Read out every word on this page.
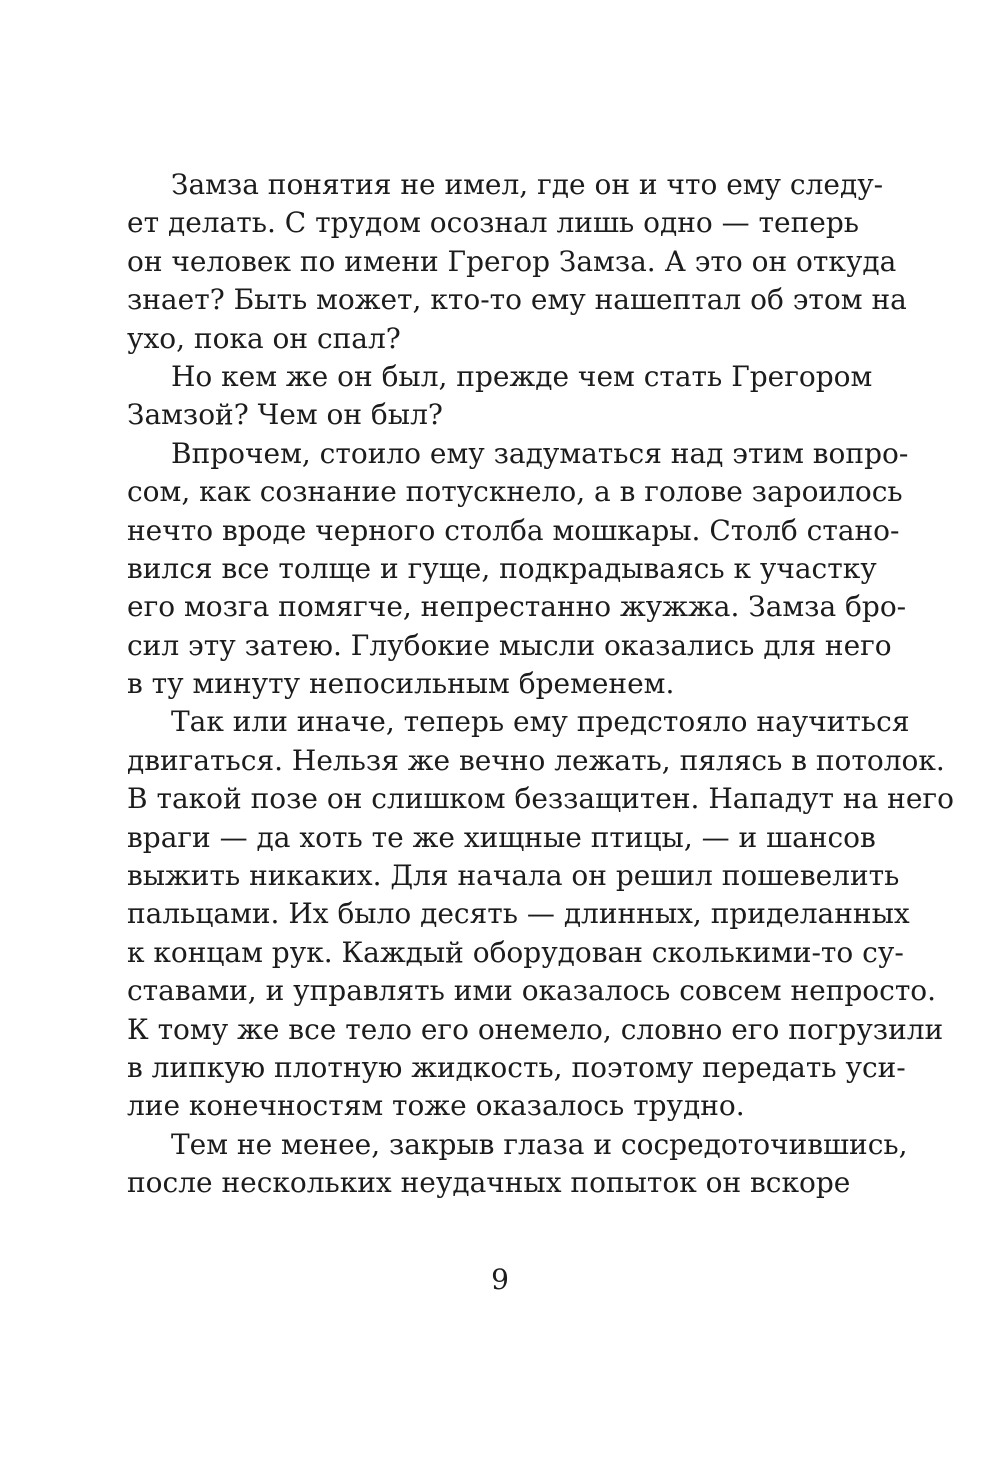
Замза понятия не имел, где он и что ему следу-
ет делать. С трудом осознал лишь одно — теперь
он человек по имени Грегор Замза. А это он откуда
знает? Быть может, кто-то ему нашептал об этом на
ухо, пока он спал?
Но кем же он был, прежде чем стать Грегором
Замзой? Чем он был?
Впрочем, стоило ему задуматься над этим вопро-
сом, как сознание потускнело, а в голове зароилось
нечто вроде черного столба мошкары. Столб стано-
вился все толще и гуще, подкрадываясь к участку
его мозга помягче, непрестанно жужжа. Замза бро-
сил эту затею. Глубокие мысли оказались для него
в ту минуту непосильным бременем.
Так или иначе, теперь ему предстояло научиться
двигаться. Нельзя же вечно лежать, пялясь в потолок.
В такой позе он слишком беззащитен. Нападут на него
враги — да хоть те же хищные птицы, — и шансов
выжить никаких. Для начала он решил пошевелить
пальцами. Их было десять — длинных, приделанных
к концам рук. Каждый оборудован сколькими-то су-
ставами, и управлять ими оказалось совсем непросто.
К тому же все тело его онемело, словно его погрузили
в липкую плотную жидкость, поэтому передать уси-
лие конечностям тоже оказалось трудно.
Тем не менее, закрыв глаза и сосредоточившись,
после нескольких неудачных попыток он вскоре
9
